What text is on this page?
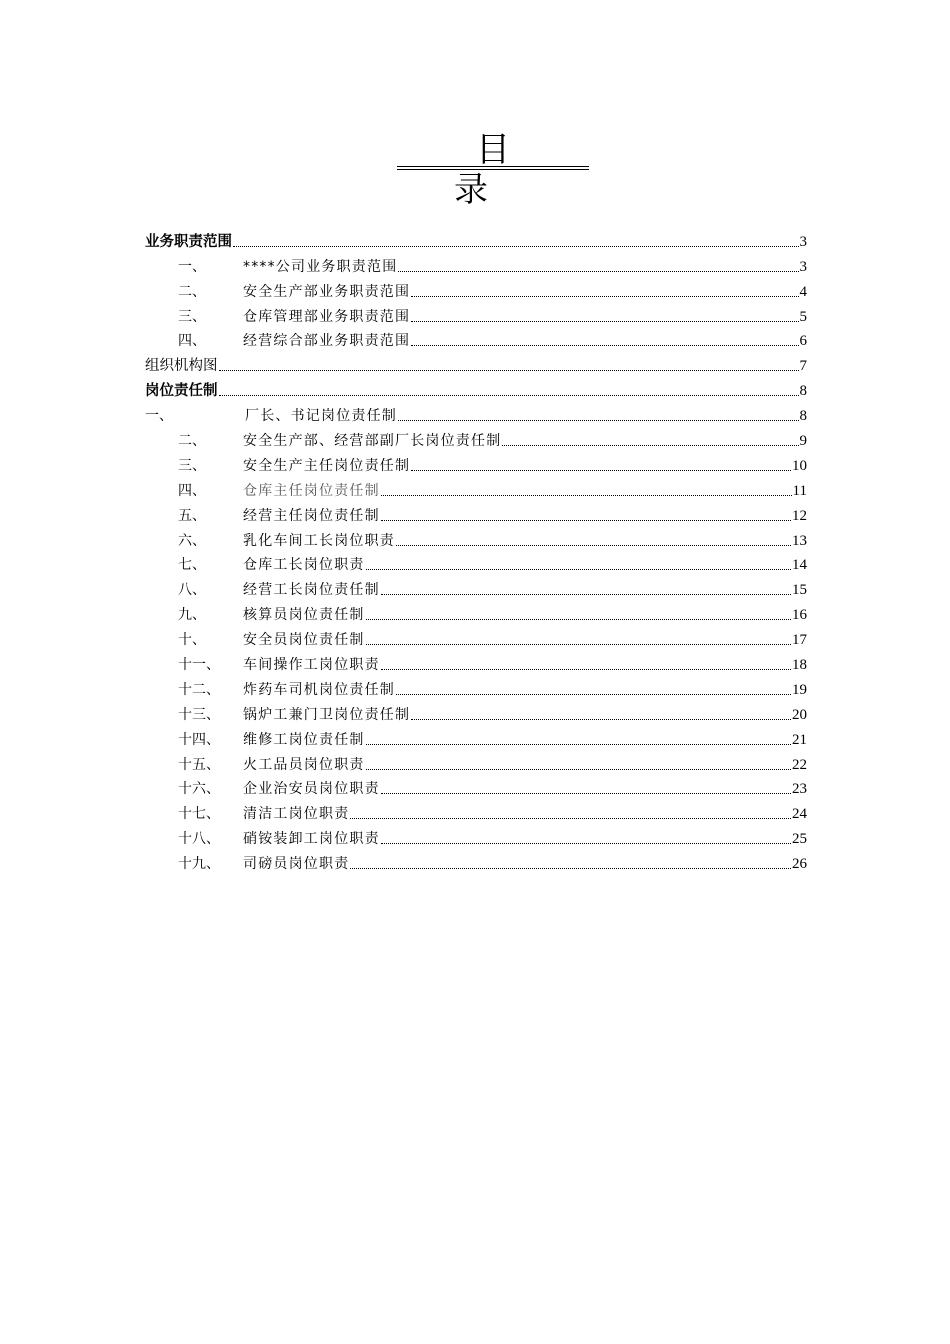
目 录
业务职责范围	3
一、	****公司业务职责范围	3
二、	安全生产部业务职责范围	4
三、	仓库管理部业务职责范围	5
四、	经营综合部业务职责范围	6
组织机构图	7
岗位责任制	8
一、	厂长、书记岗位责任制	8
二、	安全生产部、经营部副厂长岗位责任制	9
三、	安全生产主任岗位责任制	10
四、	仓库主任岗位责任制	11
五、	经营主任岗位责任制	12
六、	乳化车间工长岗位职责	13
七、	仓库工长岗位职责	14
八、	经营工长岗位责任制	15
九、	核算员岗位责任制	16
十、	安全员岗位责任制	17
十一、	车间操作工岗位职责	18
十二、	炸药车司机岗位责任制	19
十三、	锅炉工兼门卫岗位责任制	20
十四、	维修工岗位责任制	21
十五、	火工品员岗位职责	22
十六、	企业治安员岗位职责	23
十七、	清洁工岗位职责	24
十八、	硝铵装卸工岗位职责	25
十九、	司磅员岗位职责	26
